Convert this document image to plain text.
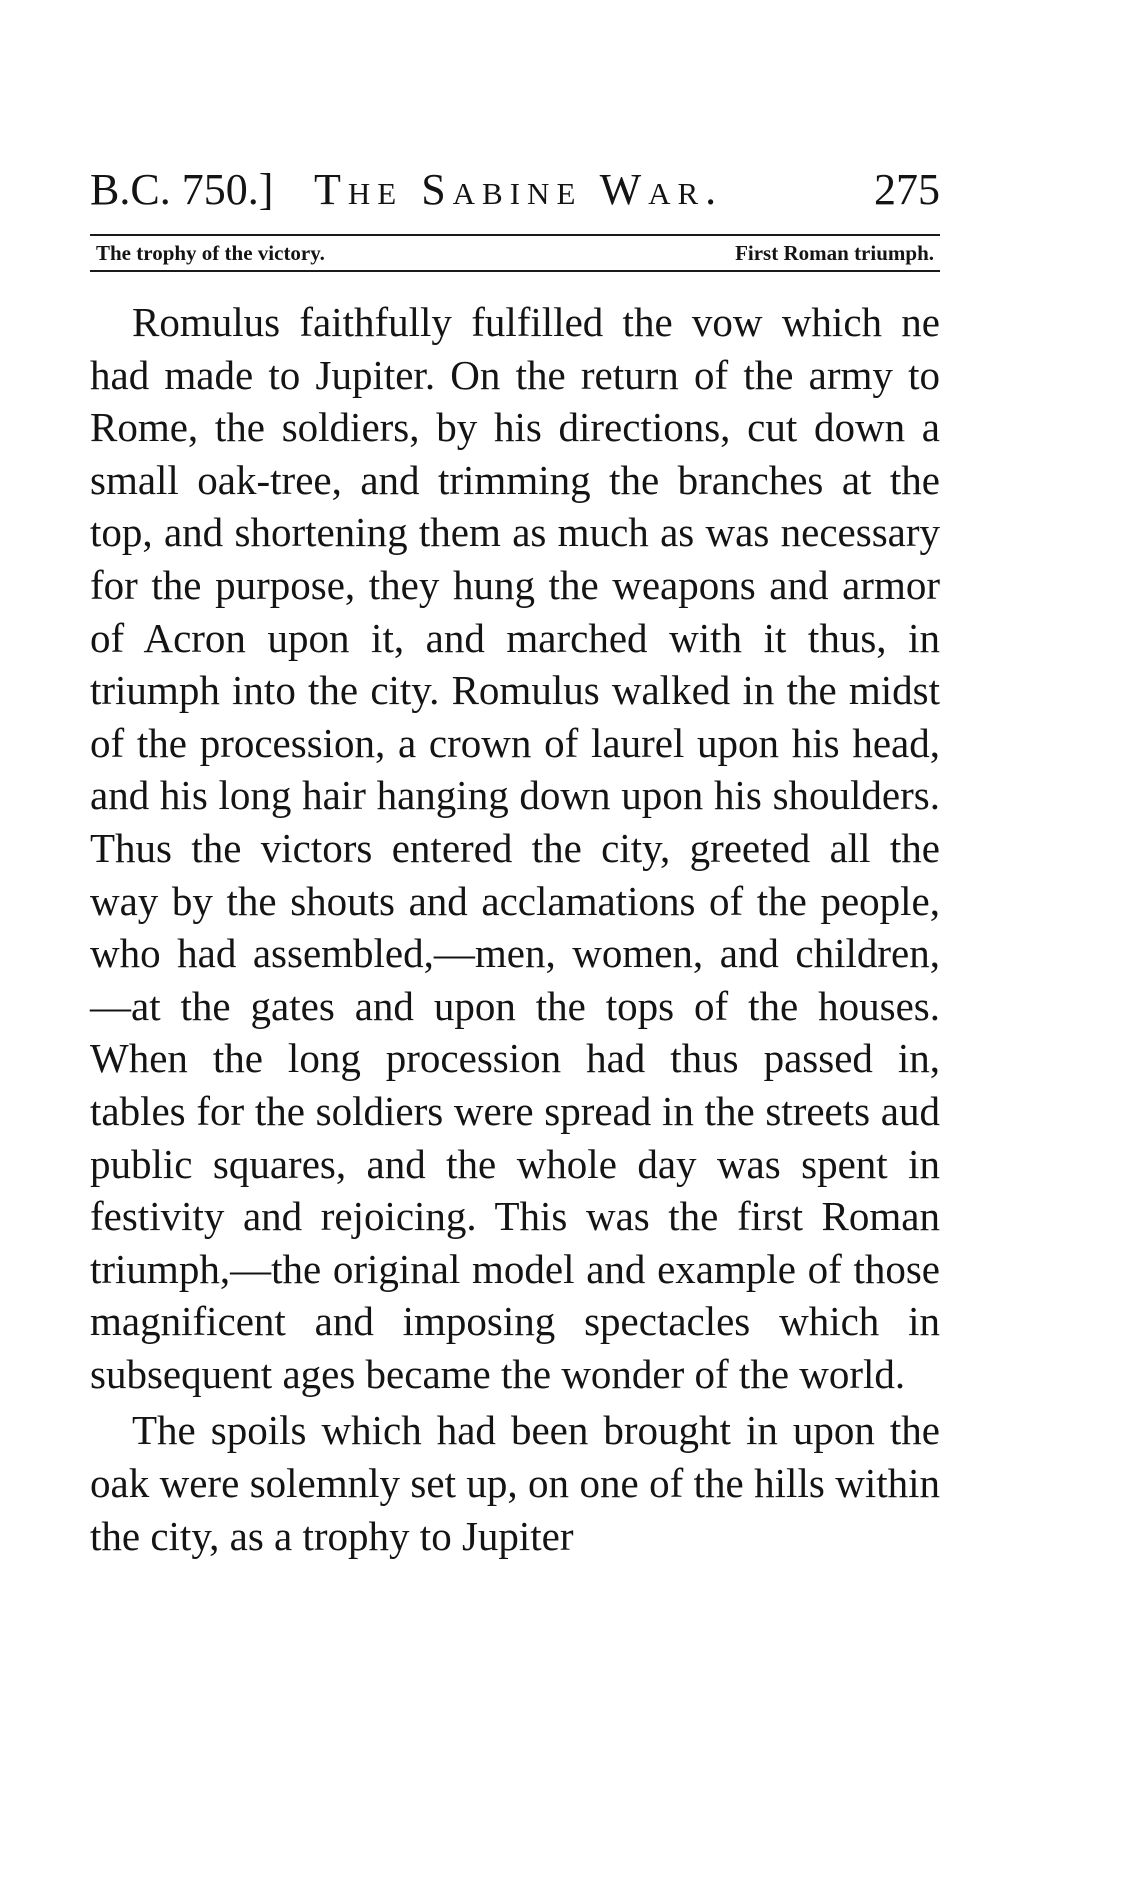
B.C. 750.] The Sabine War.	275
The trophy of the victory.	First Roman triumph.

Romulus faithfully fulfilled the vow which ne had made to Jupiter. On the return of the army to Rome, the soldiers, by his directions, cut down a small oak-tree, and trimming the branches at the top, and shortening them as much as was necessary for the purpose, they hung the weapons and armor of Acron upon it, and marched with it thus, in triumph into the city. Romulus walked in the midst of the procession, a crown of laurel upon his head, and his long hair hanging down upon his shoulders. Thus the victors entered the city, greeted all the way by the shouts and acclamations of the people, who had assembled,—men, women, and children,—at the gates and upon the tops of the houses. When the long procession had thus passed in, tables for the soldiers were spread in the streets aud public squares, and the whole day was spent in festivity and rejoicing. This was the first Roman triumph,—the original model and example of those magnificent and imposing spectacles which in subsequent ages became the wonder of the world.

The spoils which had been brought in upon the oak were solemnly set up, on one of the hills within the city, as a trophy to Jupiter
